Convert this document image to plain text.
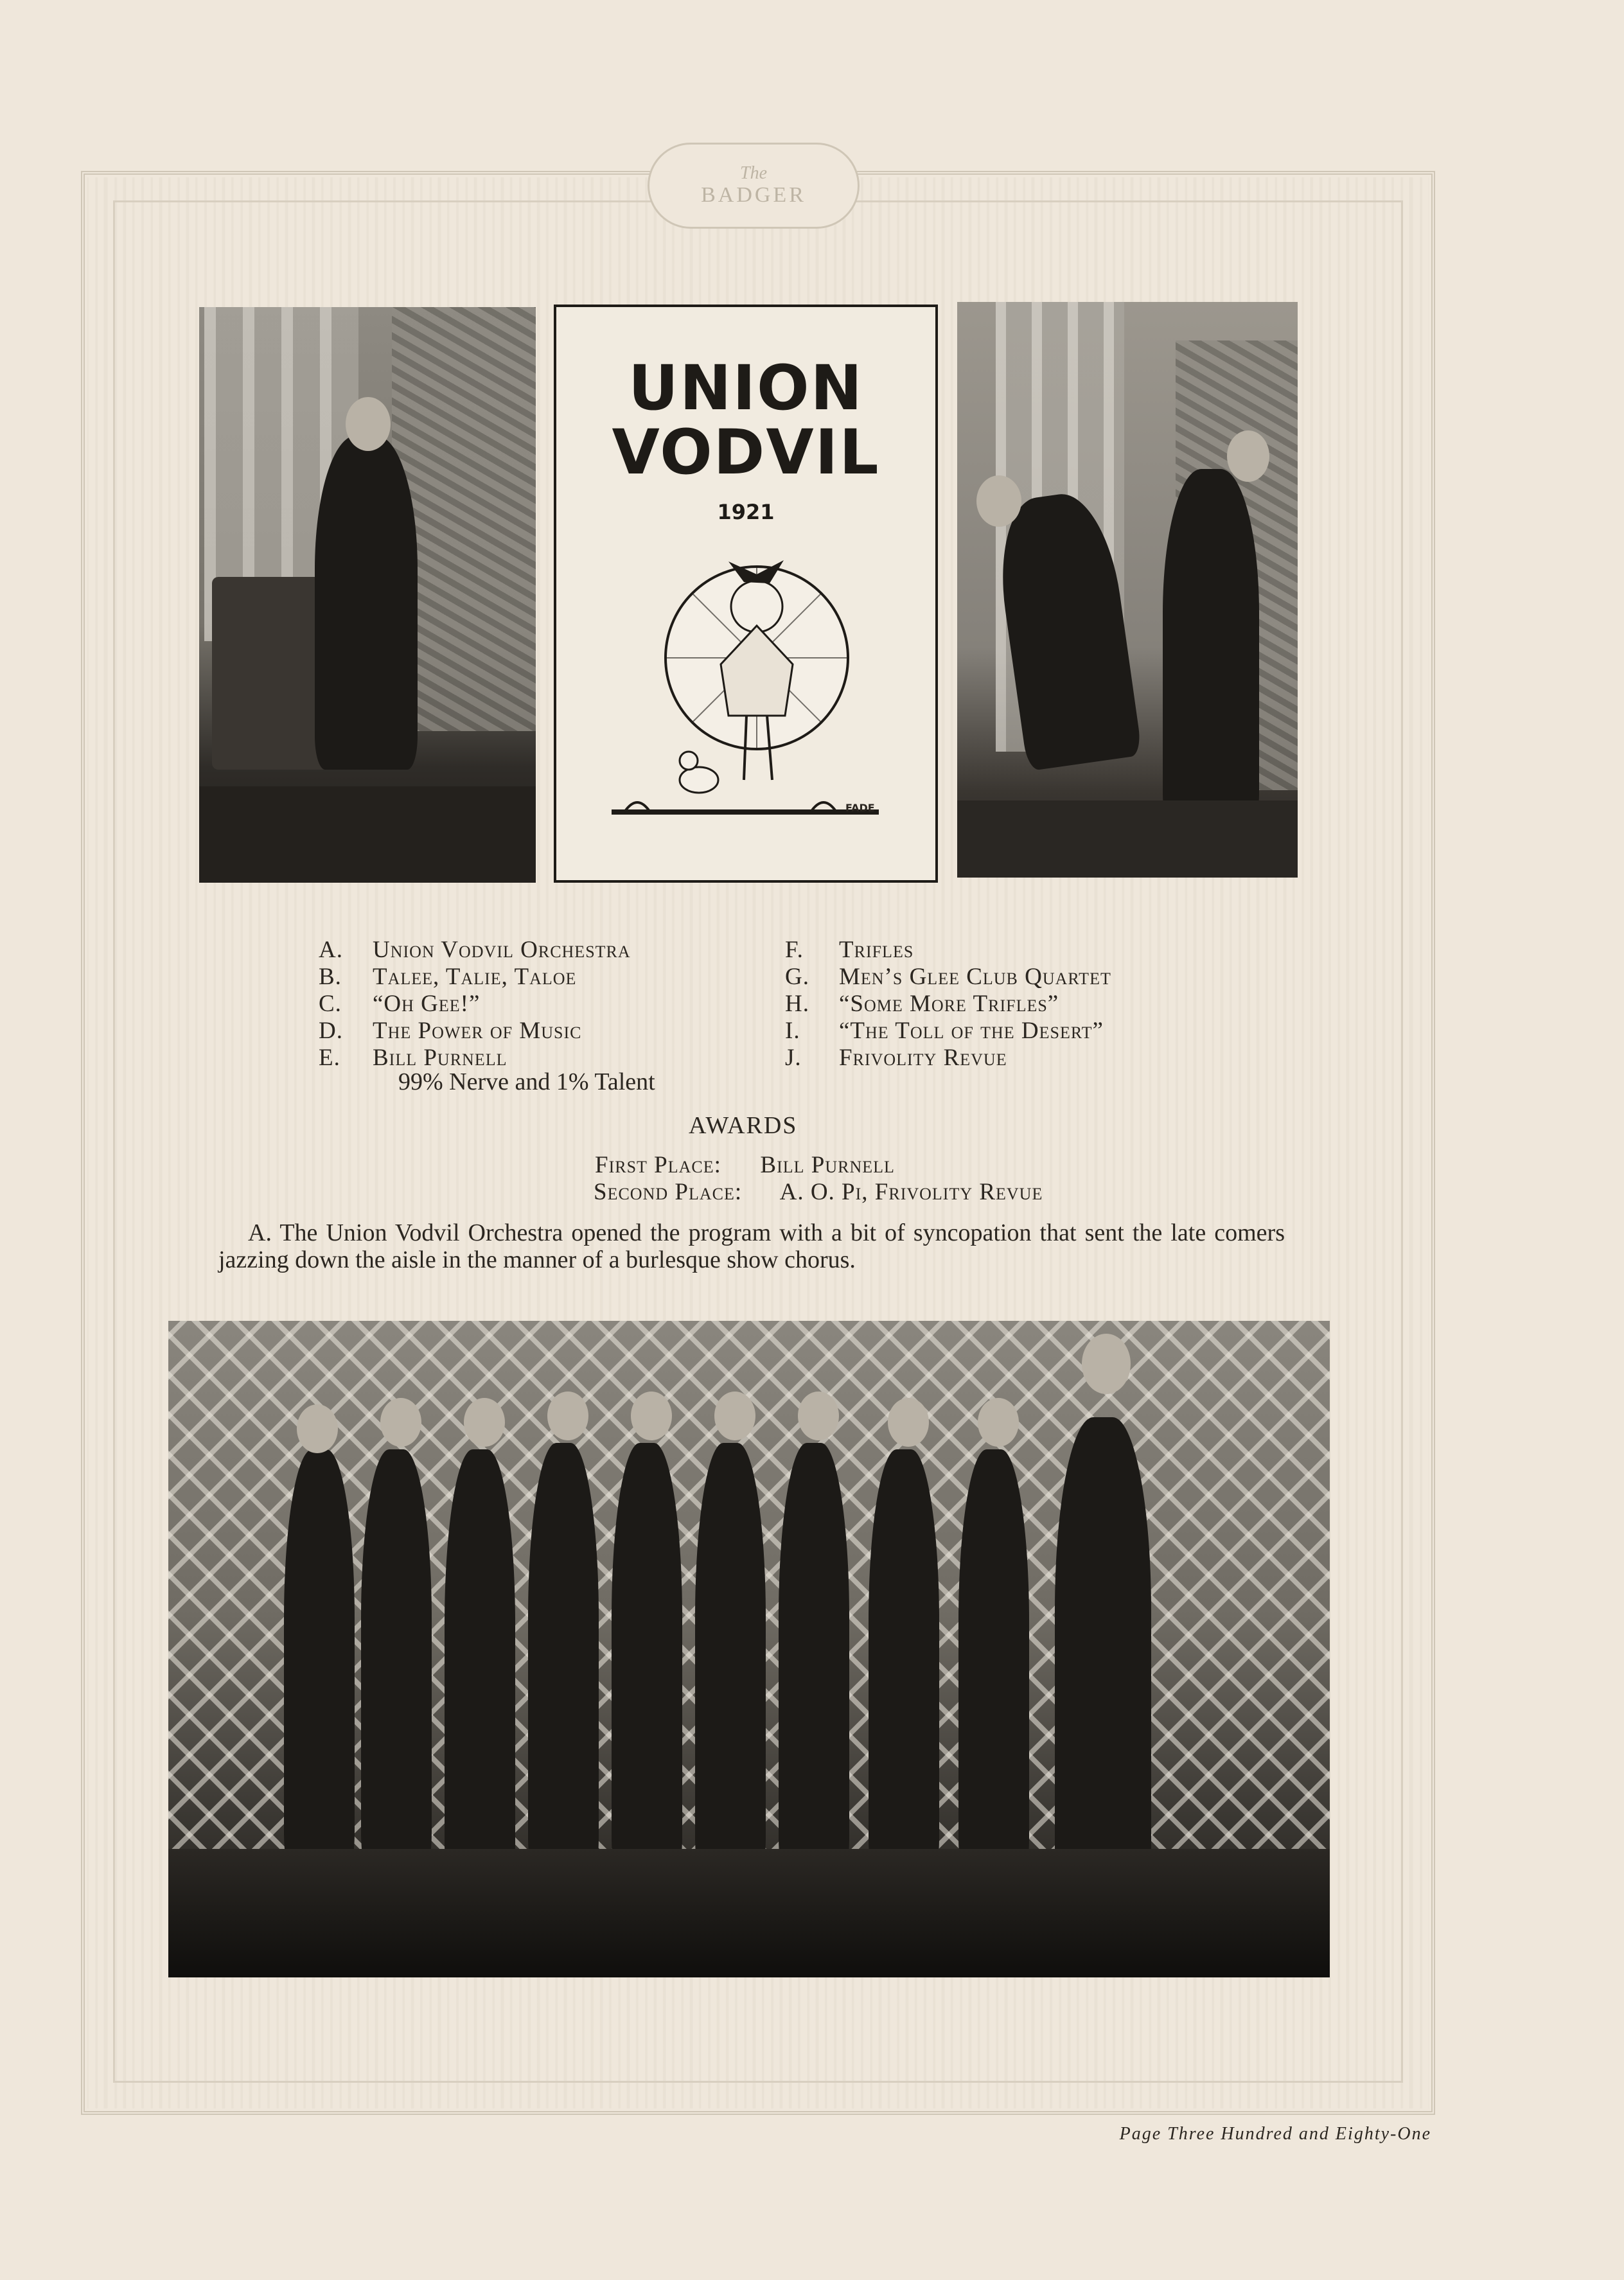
The
BADGER
UNION
VODVIL
1921
FADE
A.	Union Vodvil Orchestra
B.	Talee, Talie, Taloe
C.	“Oh Gee!”
D.	The Power of Music
E.	Bill Purnell
99% Nerve and 1% Talent
F.	Trifles
G.	Men’s Glee Club Quartet
H.	“Some More Trifles”
I.	“The Toll of the Desert”
J.	Frivolity Revue
AWARDS
First Place: Bill Purnell
Second Place: A. O. Pi, Frivolity Revue
A. The Union Vodvil Orchestra opened the program with a bit of syncopation that sent the late comers jazzing down the aisle in the manner of a burlesque show chorus.
Page Three Hundred and Eighty-One
